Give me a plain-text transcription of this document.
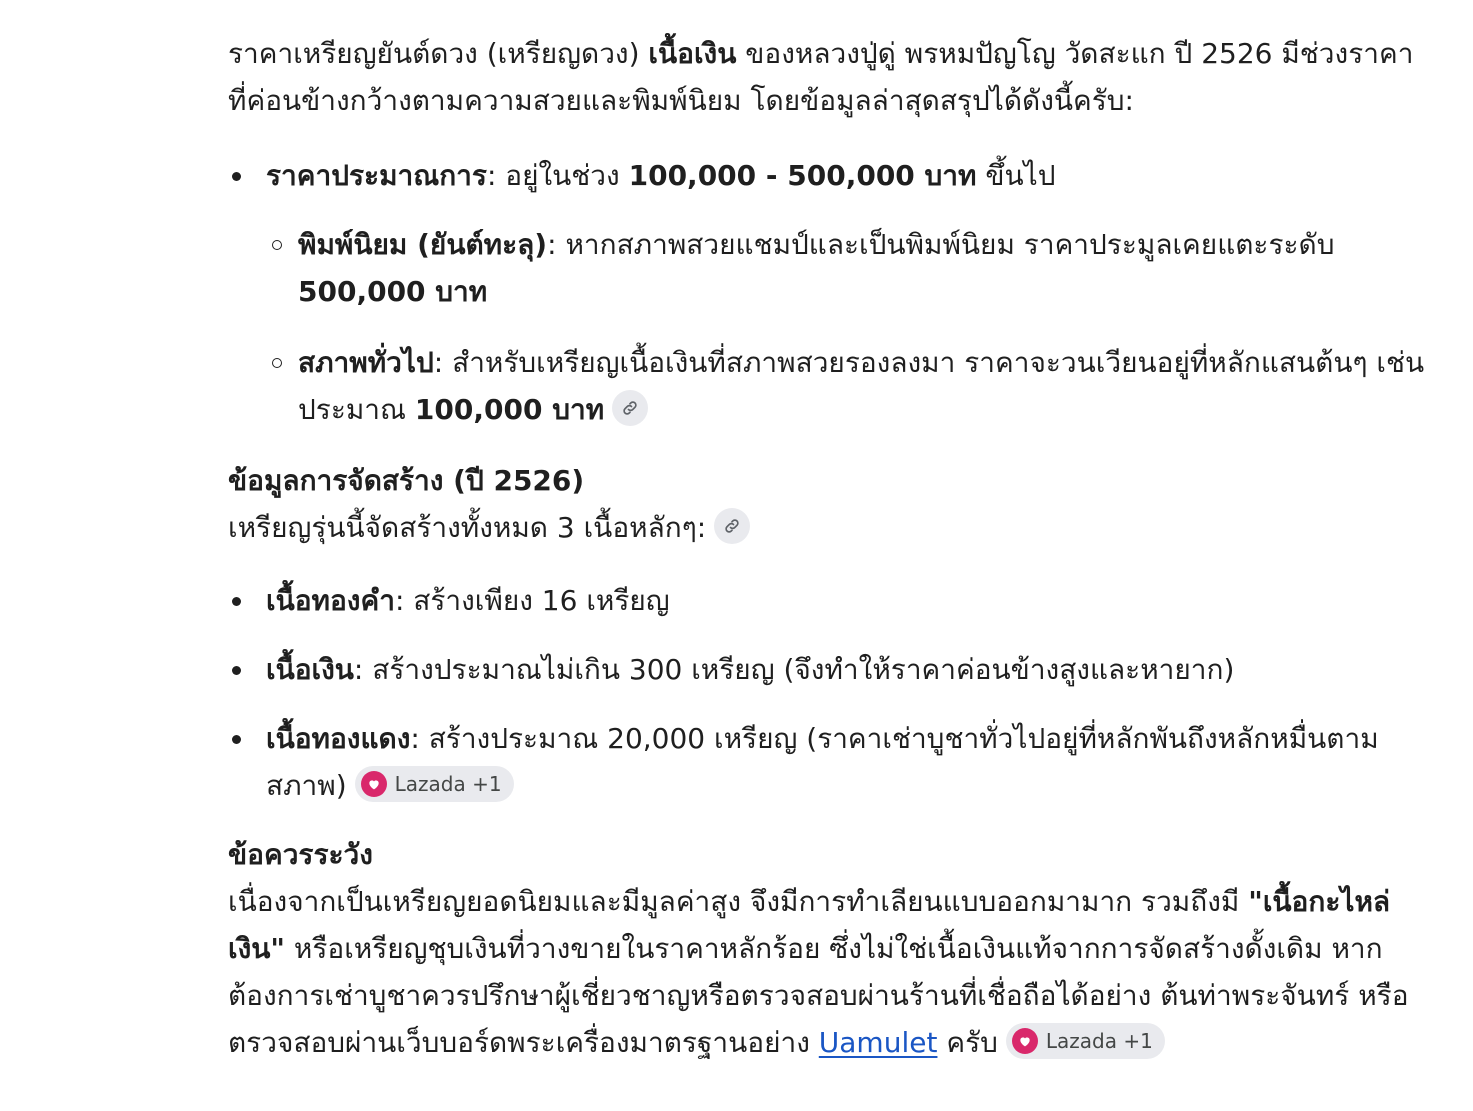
ราคาเหรียญยันต์ดวง (เหรียญดวง) เนื้อเงิน ของหลวงปู่ดู่ พรหมปัญโญ วัดสะแก ปี 2526 มีช่วงราคาที่ค่อนข้างกว้างตามความสวยและพิมพ์นิยม โดยข้อมูลล่าสุดสรุปได้ดังนี้ครับ:

ราคาประมาณการ: อยู่ในช่วง 100,000 - 500,000 บาท ขึ้นไป
พิมพ์นิยม (ยันต์ทะลุ): หากสภาพสวยแชมป์และเป็นพิมพ์นิยม ราคาประมูลเคยแตะระดับ 500,000 บาท
สภาพทั่วไป: สำหรับเหรียญเนื้อเงินที่สภาพสวยรองลงมา ราคาจะวนเวียนอยู่ที่หลักแสนต้นๆ เช่น ประมาณ 100,000 บาท

ข้อมูลการจัดสร้าง (ปี 2526)

เหรียญรุ่นนี้จัดสร้างทั้งหมด 3 เนื้อหลักๆ:

เนื้อทองคำ: สร้างเพียง 16 เหรียญ
เนื้อเงิน: สร้างประมาณไม่เกิน 300 เหรียญ (จึงทำให้ราคาค่อนข้างสูงและหายาก)
เนื้อทองแดง: สร้างประมาณ 20,000 เหรียญ (ราคาเช่าบูชาทั่วไปอยู่ที่หลักพันถึงหลักหมื่นตามสภาพ) Lazada +1

ข้อควรระวัง

เนื่องจากเป็นเหรียญยอดนิยมและมีมูลค่าสูง จึงมีการทำเลียนแบบออกมามาก รวมถึงมี "เนื้อกะไหล่เงิน" หรือเหรียญชุบเงินที่วางขายในราคาหลักร้อย ซึ่งไม่ใช่เนื้อเงินแท้จากการจัดสร้างดั้งเดิม หากต้องการเช่าบูชาควรปรึกษาผู้เชี่ยวชาญหรือตรวจสอบผ่านร้านที่เชื่อถือได้อย่าง ต้นท่าพระจันทร์ หรือตรวจสอบผ่านเว็บบอร์ดพระเครื่องมาตรฐานอย่าง Uamulet ครับ Lazada +1
